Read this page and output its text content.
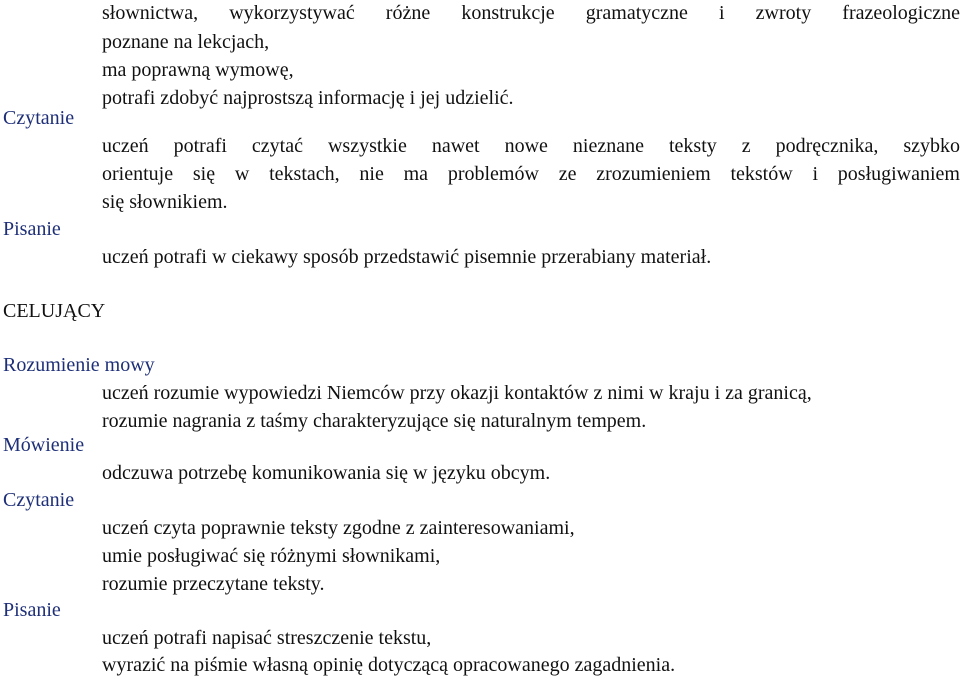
słownictwa, wykorzystywać różne konstrukcje gramatyczne i zwroty frazeologiczne
poznane na lekcjach,
ma poprawną wymowę,
potrafi zdobyć najprostszą informację i jej udzielić.
Czytanie
uczeń potrafi czytać wszystkie nawet nowe nieznane teksty z podręcznika, szybko
orientuje się w tekstach, nie ma problemów ze zrozumieniem tekstów i posługiwaniem
się słownikiem.
Pisanie
uczeń potrafi w ciekawy sposób przedstawić pisemnie przerabiany materiał.
CELUJĄCY
Rozumienie mowy
uczeń rozumie wypowiedzi Niemców przy okazji kontaktów z nimi w kraju i za granicą,
rozumie nagrania z taśmy charakteryzujące się naturalnym tempem.
Mówienie
odczuwa potrzebę komunikowania się w języku obcym.
Czytanie
uczeń czyta poprawnie teksty zgodne z zainteresowaniami,
umie posługiwać się różnymi słownikami,
rozumie przeczytane teksty.
Pisanie
uczeń potrafi napisać streszczenie tekstu,
wyrazić na piśmie własną opinię dotyczącą opracowanego zagadnienia.
